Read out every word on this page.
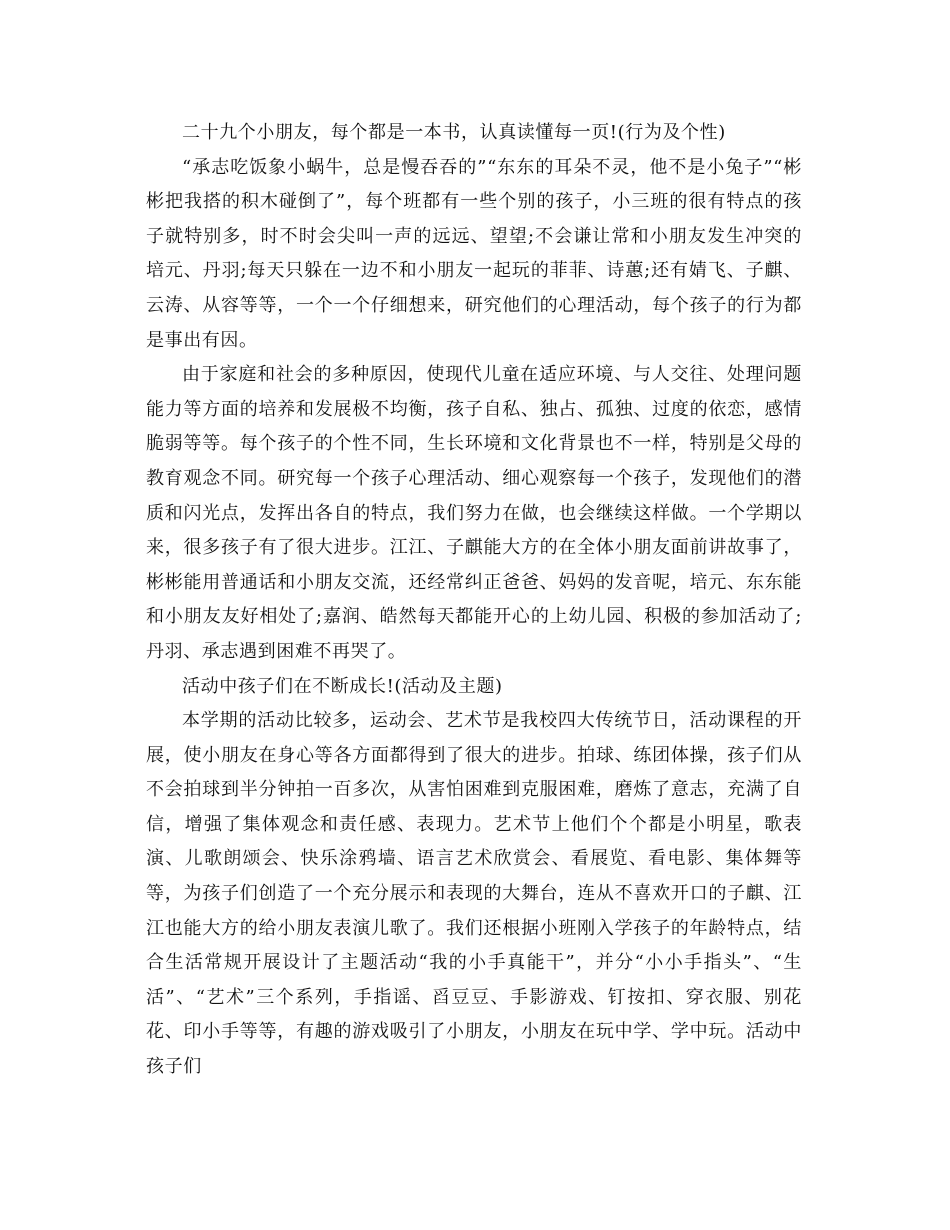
二十九个小朋友，每个都是一本书，认真读懂每一页!(行为及个性)

“承志吃饭象小蜗牛，总是慢吞吞的”“东东的耳朵不灵，他不是小兔子”“彬彬把我搭的积木碰倒了”，每个班都有一些个别的孩子，小三班的很有特点的孩子就特别多，时不时会尖叫一声的远远、望望;不会谦让常和小朋友发生冲突的培元、丹羽;每天只躲在一边不和小朋友一起玩的菲菲、诗蕙;还有婧飞、子麒、云涛、从容等等，一个一个仔细想来，研究他们的心理活动，每个孩子的行为都是事出有因。

由于家庭和社会的多种原因，使现代儿童在适应环境、与人交往、处理问题能力等方面的培养和发展极不均衡，孩子自私、独占、孤独、过度的依恋，感情脆弱等等。每个孩子的个性不同，生长环境和文化背景也不一样，特别是父母的教育观念不同。研究每一个孩子心理活动、细心观察每一个孩子，发现他们的潜质和闪光点，发挥出各自的特点，我们努力在做，也会继续这样做。一个学期以来，很多孩子有了很大进步。江江、子麒能大方的在全体小朋友面前讲故事了，彬彬能用普通话和小朋友交流，还经常纠正爸爸、妈妈的发音呢，培元、东东能和小朋友友好相处了;嘉润、皓然每天都能开心的上幼儿园、积极的参加活动了;丹羽、承志遇到困难不再哭了。

活动中孩子们在不断成长!(活动及主题)

本学期的活动比较多，运动会、艺术节是我校四大传统节日，活动课程的开展，使小朋友在身心等各方面都得到了很大的进步。拍球、练团体操，孩子们从不会拍球到半分钟拍一百多次，从害怕困难到克服困难，磨炼了意志，充满了自信，增强了集体观念和责任感、表现力。艺术节上他们个个都是小明星，歌表演、儿歌朗颂会、快乐涂鸦墙、语言艺术欣赏会、看展览、看电影、集体舞等等，为孩子们创造了一个充分展示和表现的大舞台，连从不喜欢开口的子麒、江江也能大方的给小朋友表演儿歌了。我们还根据小班刚入学孩子的年龄特点，结合生活常规开展设计了主题活动“我的小手真能干”，并分“小小手指头”、“生活”、“艺术”三个系列，手指谣、舀豆豆、手影游戏、钉按扣、穿衣服、别花花、印小手等等，有趣的游戏吸引了小朋友，小朋友在玩中学、学中玩。活动中孩子们
